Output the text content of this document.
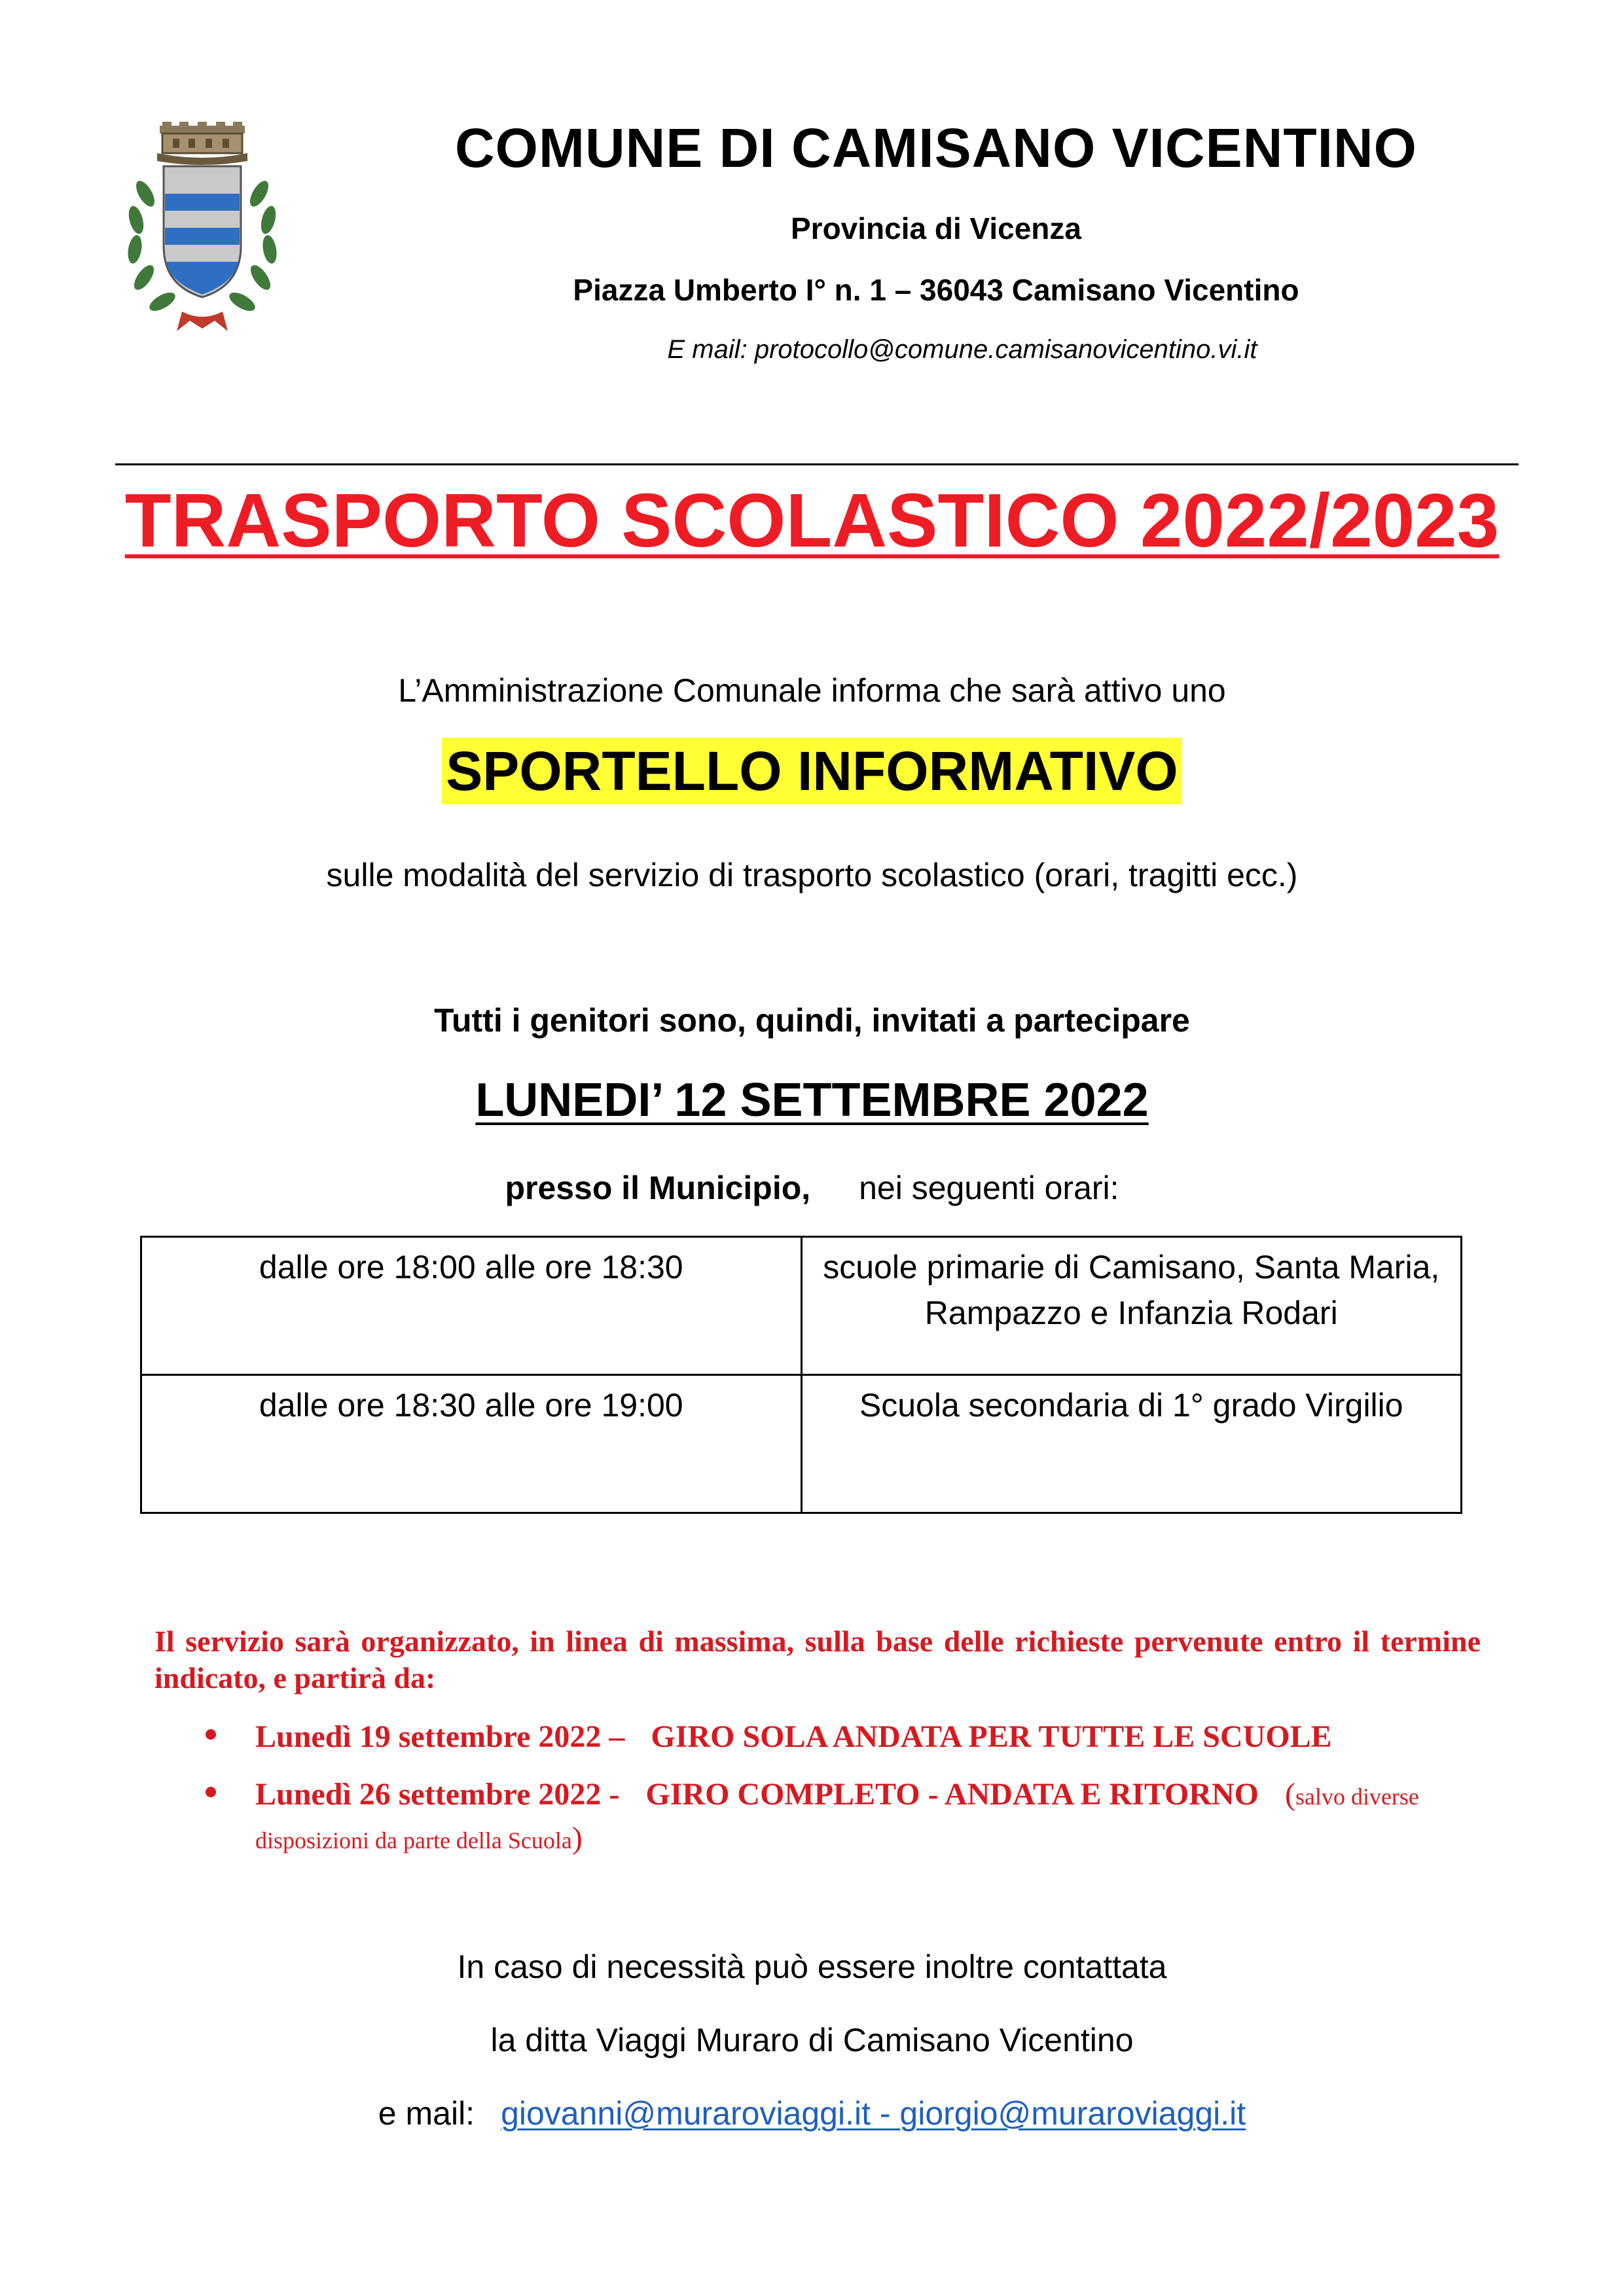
COMUNE DI CAMISANO VICENTINO
Provincia di Vicenza
Piazza Umberto I° n. 1 – 36043 Camisano Vicentino
E mail: protocollo@comune.camisanovicentino.vi.it
TRASPORTO SCOLASTICO 2022/2023
L’Amministrazione Comunale informa che sarà attivo uno
SPORTELLO INFORMATIVO
sulle modalità del servizio di trasporto scolastico (orari, tragitti ecc.)
Tutti i genitori sono, quindi, invitati a partecipare
LUNEDI’ 12 SETTEMBRE 2022
presso il Municipio, nei seguenti orari:
dalle ore 18:00 alle ore 18:30	scuole primarie di Camisano, Santa Maria, Rampazzo e Infanzia Rodari
dalle ore 18:30 alle ore 19:00	Scuola secondaria di 1° grado Virgilio
Il servizio sarà organizzato, in linea di massima, sulla base delle richieste pervenute entro il termine indicato, e partirà da:
Lunedì 19 settembre 2022 – GIRO SOLA ANDATA PER TUTTE LE SCUOLE
Lunedì 26 settembre 2022 - GIRO COMPLETO - ANDATA E RITORNO (salvo diverse disposizioni da parte della Scuola)
In caso di necessità può essere inoltre contattata
la ditta Viaggi Muraro di Camisano Vicentino
e mail: giovanni@muraroviaggi.it - giorgio@muraroviaggi.it
